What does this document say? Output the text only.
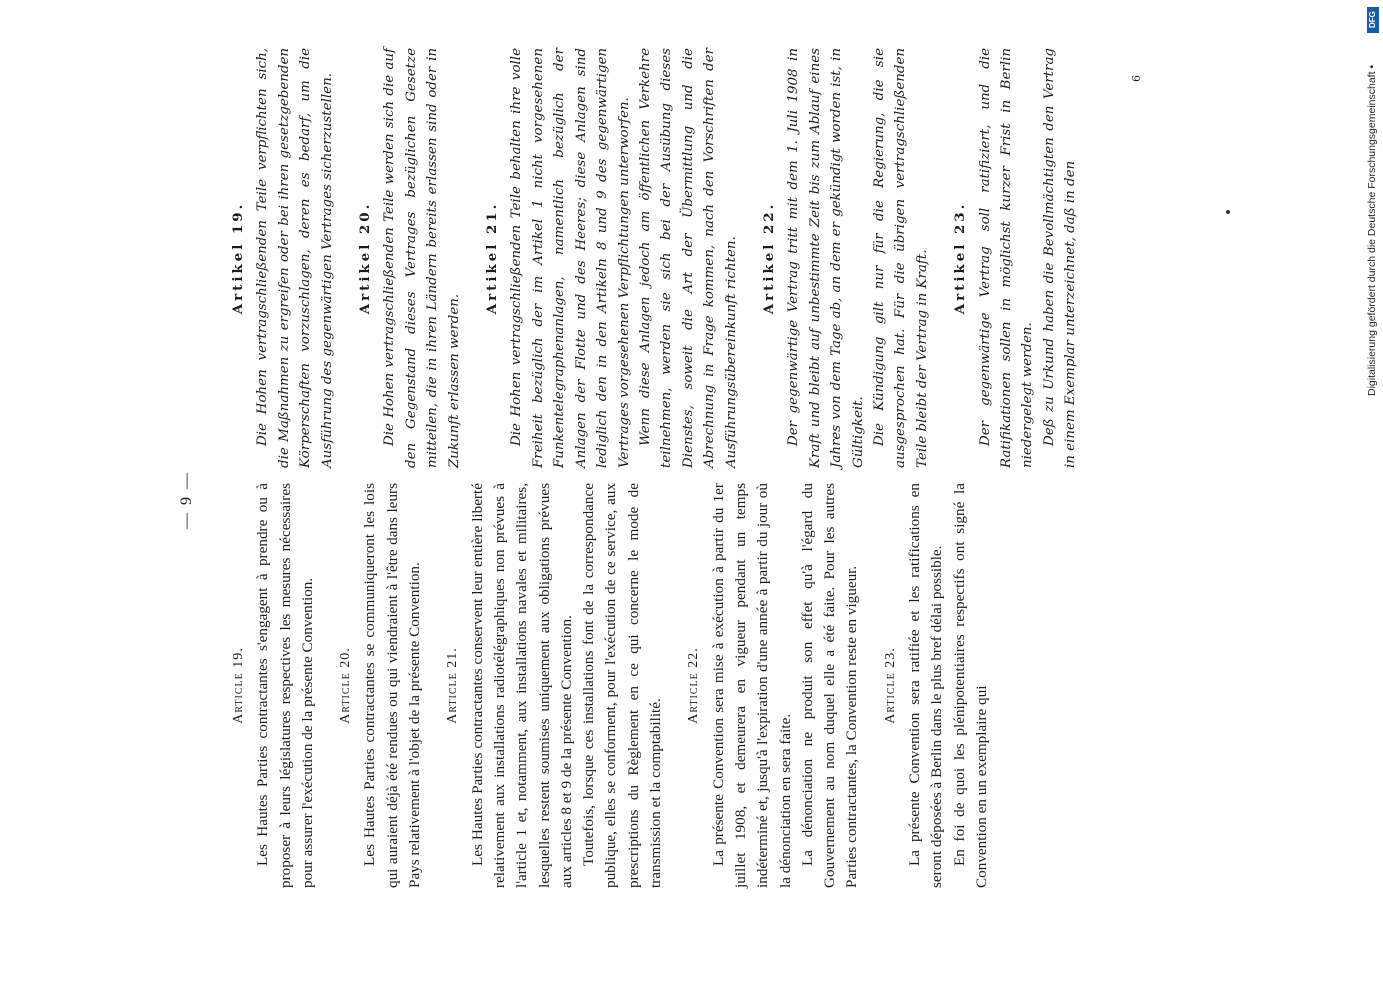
— 9 —
Article 19. Les Hautes Parties contractantes s'engagent à prendre ou à proposer à leurs législatures respectives les mesures nécessaires pour assurer l'exécution de la présente Convention. Article 20. Les Hautes Parties contractantes se communiqueront les lois qui auraient déjà été rendues ou qui viendraient à l'être dans leurs Pays relativement à l'objet de la présente Convention. Article 21. Les Hautes Parties contractantes conservent leur entière liberté relativement aux installations radiotélégraphiques non prévues à l'article 1 et, notamment, aux installations navales et militaires, lesquelles restent soumises uniquement aux obligations prévues aux articles 8 et 9 de la présente Convention. Toutefois, lorsque ces installations font de la correspondance publique, elles se conforment, pour l'exécution de ce service, aux prescriptions du Règlement en ce qui concerne le mode de transmission et la comptabilité.

Article 22. La présente Convention sera mise à exécution à partir du 1er juillet 1908, et demeurera en vigueur pendant un temps indéterminé et, jusqu'à l'expiration d'une année à partir du jour où la dénonciation en sera faite. La dénonciation ne produit son effet qu'à l'égard du Gouvernement au nom duquel elle a été faite. Pour les autres Parties contractantes, la Convention reste en vigueur. Article 23. La présente Convention sera ratifiée et les ratifications en seront déposées à Berlin dans le plus bref délai possible. En foi de quoi les plénipotentiaires respectifs ont signé la Convention en un exemplaire qui

Artikel 19. Die Hohen vertragschließenden Teile verpflichten sich, die Maßnahmen zu ergreifen oder bei ihren gesetzgebenden Körperschaften vorzuschlagen, deren es bedarf, um die Ausführung des gegenwärtigen Vertrages sicherzustellen. Artikel 20. Die Hohen vertragschließenden Teile werden sich die auf den Gegenstand dieses Vertrages bezüglichen Gesetze mitteilen, die in ihren Ländern bereits erlassen sind oder in Zukunft erlassen werden.

Artikel 21. Die Hohen vertragschließenden Teile behalten ihre volle Freiheit bezüglich der im Artikel 1 nicht vorgesehenen Funkentelegraphenanlagen, namentlich bezüglich der Anlagen der Flotte und des Heeres; diese Anlagen sind lediglich den in den Artikeln 8 und 9 des gegenwärtigen Vertrages vorgesehenen Verpflichtungen unterworfen. Wenn diese Anlagen jedoch am öffentlichen Verkehre teilnehmen, werden sie sich bei der Ausübung dieses Dienstes, soweit die Art der Übermittlung und die Abrechnung in Frage kommen, nach den Vorschriften der Ausführungsübereinkunft richten. Artikel 22. Der gegenwärtige Vertrag tritt mit dem 1. Juli 1908 in Kraft und bleibt auf unbestimmte Zeit bis zum Ablauf eines Jahres von dem Tage ab, an dem er gekündigt worden ist, in Gültigkeit. Die Kündigung gilt nur für die Regierung, die sie ausgesprochen hat. Für die übrigen vertragschließenden Teile bleibt der Vertrag in Kraft. Artikel 23. Der gegenwärtige Vertrag soll ratifiziert, und die Ratifikationen sollen in möglichst kurzer Frist in Berlin niedergelegt werden. Deß zu Urkund haben die Bevollmächtigten den Vertrag in einem Exemplar unterzeichnet, daß in den

6
DFG
Digitalisierung gefördert durch die Deutsche Forschungsgemeinschaft •
